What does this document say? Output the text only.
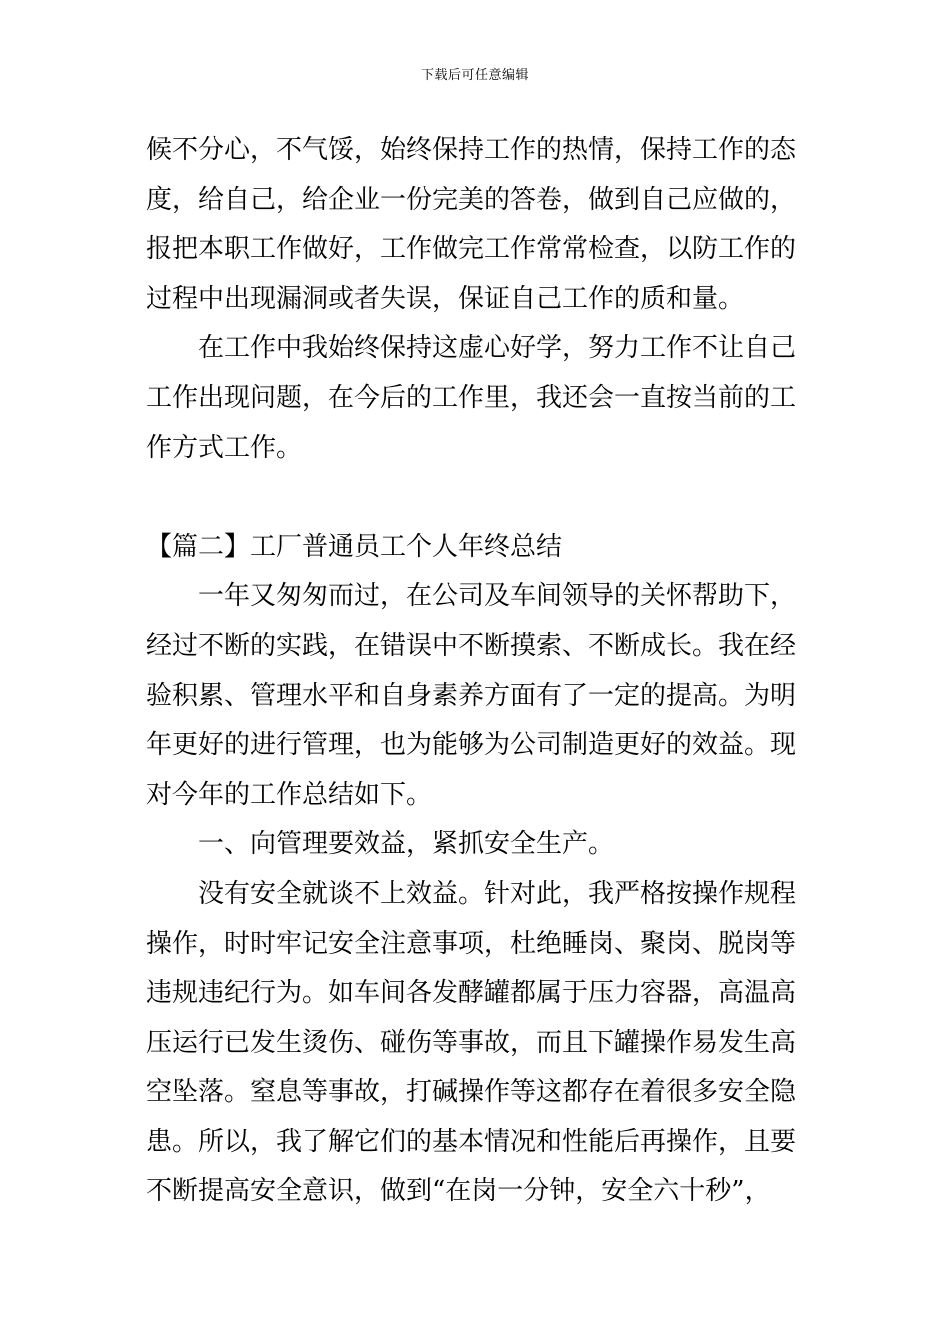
下载后可任意编辑
候不分心，不气馁，始终保持工作的热情，保持工作的态
度，给自己，给企业一份完美的答卷，做到自己应做的，
报把本职工作做好，工作做完工作常常检查，以防工作的
过程中出现漏洞或者失误，保证自己工作的质和量。
在工作中我始终保持这虚心好学，努力工作不让自己
工作出现问题，在今后的工作里，我还会一直按当前的工
作方式工作。
【篇二】工厂普通员工个人年终总结
一年又匆匆而过，在公司及车间领导的关怀帮助下，
经过不断的实践，在错误中不断摸索、不断成长。我在经
验积累、管理水平和自身素养方面有了一定的提高。为明
年更好的进行管理，也为能够为公司制造更好的效益。现
对今年的工作总结如下。
一、向管理要效益，紧抓安全生产。
没有安全就谈不上效益。针对此，我严格按操作规程
操作，时时牢记安全注意事项，杜绝睡岗、聚岗、脱岗等
违规违纪行为。如车间各发酵罐都属于压力容器，高温高
压运行已发生烫伤、碰伤等事故，而且下罐操作易发生高
空坠落。窒息等事故，打碱操作等这都存在着很多安全隐
患。所以，我了解它们的基本情况和性能后再操作，且要
不断提高安全意识，做到“在岗一分钟，安全六十秒”，
